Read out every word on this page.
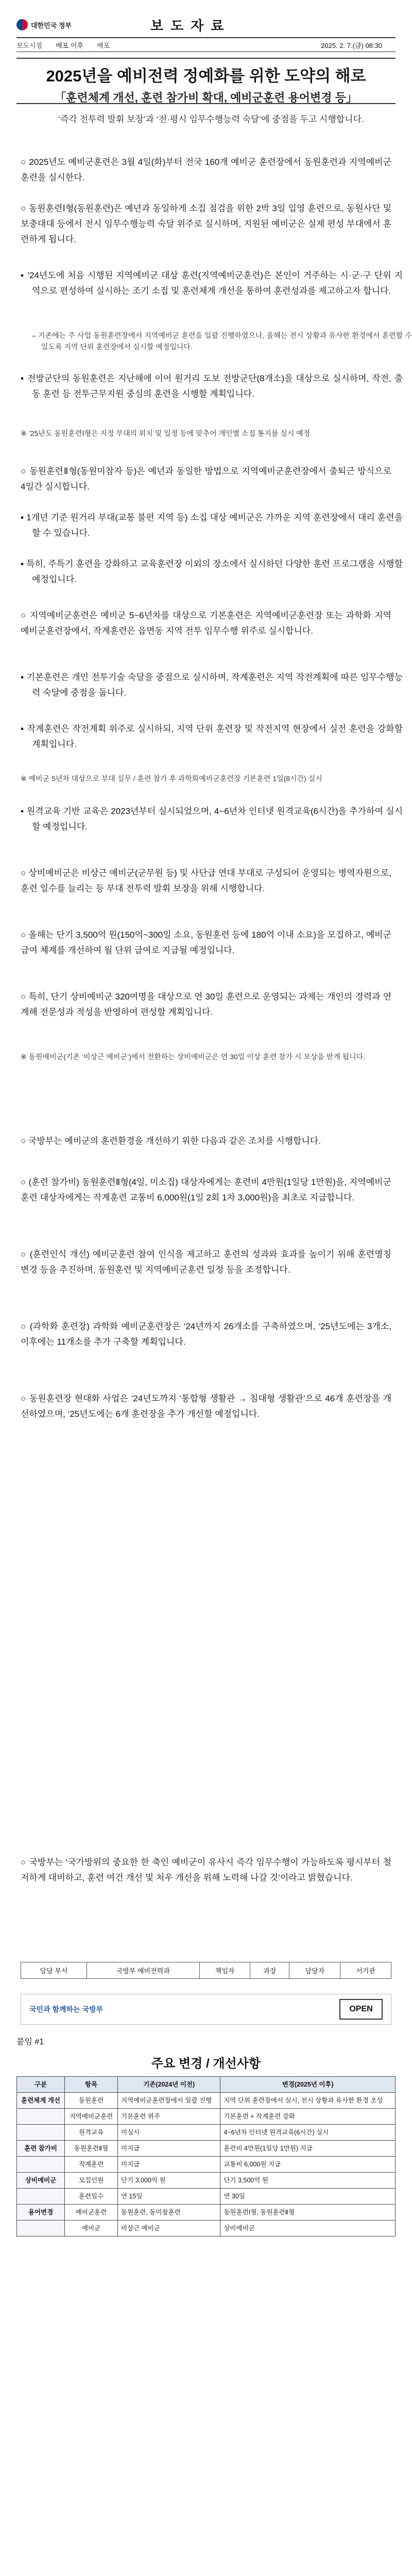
대한민국 정부	보도자료
보도시점 배포 이후 배포	2025. 2. 7.(금) 08:30
2025년을 예비전력 정예화를 위한 도약의 해로
「훈련체계 개선, 훈련 참가비 확대, 예비군훈련 용어변경 등」
‘즉각 전투력 발휘 보장’과 ‘전·평시 임무수행능력 숙달’에 중점을 두고 시행합니다.
○ 2025년도 예비군훈련은 3월 4일(화)부터 전국 160개 예비군 훈련장에서 동원훈련과 지역예비군훈련을 실시한다.
○ 동원훈련Ⅰ형(동원훈련)은 예년과 동일하게 소집 점검을 위한 2박 3일 입영 훈련으로, 동원사단 및 보충대대 등에서 전시 임무수행능력 숙달 위주로 실시하며, 지원된 예비군은 실제 편성 부대에서 훈련하게 됩니다.
▪ ’24년도에 처음 시행된 지역예비군 대상 훈련(지역예비군훈련)은 본인이 거주하는 시·군·구 단위 지역으로 편성하여 실시하는 조기 소집 및 훈련체계 개선을 통하여 훈련성과를 제고하고자 합니다.
– 기존에는 주 사업 동원훈련장에서 지역예비군 훈련을 일괄 진행하였으나, 올해는 전시 상황과 유사한 환경에서 훈련할 수 있도록 지역 단위 훈련장에서 실시할 예정입니다.
▪ 전방군단의 동원훈련은 지난해에 이어 원거리 도보 전방군단(8개소)을 대상으로 실시하며, 작전, 출동 훈련 등 전투근무지원 중심의 훈련을 시행할 계획입니다.
※ ’25년도 동원훈련Ⅰ형은 지정 부대의 위치 및 일정 등에 맞추어 개인별 소집 통지를 실시 예정
○ 동원훈련Ⅱ형(동원미참자 등)은 예년과 동일한 방법으로 지역예비군훈련장에서 출퇴근 방식으로 4일간 실시합니다.
▪ 1개년 기준 원거리 부대(교통 불편 지역 등) 소집 대상 예비군은 가까운 지역 훈련장에서 대리 훈련을 할 수 있습니다.
▪ 특히, 주특기 훈련을 강화하고 교육훈련장 이외의 장소에서 실시하던 다양한 훈련 프로그램을 시행할 예정입니다.
○ 지역예비군훈련은 예비군 5~6년차를 대상으로 기본훈련은 지역예비군훈련장 또는 과학화 지역예비군훈련장에서, 작계훈련은 읍면동 지역 전투 임무수행 위주로 실시합니다.
▪ 기본훈련은 개인 전투기술 숙달을 중점으로 실시하며, 작계훈련은 지역 작전계획에 따른 임무수행능력 숙달에 중점을 둡니다.
▪ 작계훈련은 작전계획 위주로 실시하되, 지역 단위 훈련장 및 작전지역 현장에서 실전 훈련을 강화할 계획입니다.
※ 예비군 5년차 대상으로 부대 실무 / 훈련 참가 후 과학화예비군훈련장 기본훈련 1일(8시간) 실시
▪ 원격교육 기반 교육은 2023년부터 실시되었으며, 4~6년차 인터넷 원격교육(6시간)을 추가하여 실시할 예정입니다.
○ 상비예비군은 비상근 예비군(군무원 등) 및 사단급 연대 부대로 구성되어 운영되는 병역자원으로, 훈련 일수를 늘리는 등 부대 전투력 발휘 보장을 위해 시행합니다.
○ 올해는 단기 3,500억 원(150억~300일 소요, 동원훈련 등에 180억 이내 소요)을 모집하고, 예비군 급여 체계를 개선하여 월 단위 급여로 지급될 예정입니다.
○ 특히, 단기 상비예비군 320여명을 대상으로 연 30일 훈련으로 운영되는 과제는 개인의 경력과 연계해 전문성과 적성을 반영하여 편성할 계획입니다.
※ 동원예비군(기존 ‘비상근 예비군’)에서 전환하는 상비예비군은 연 30일 이상 훈련 참가 시 보상을 받게 됩니다.
○ 국방부는 예비군의 훈련환경을 개선하기 위한 다음과 같은 조치를 시행합니다.
○ (훈련 참가비) 동원훈련Ⅱ형(4일, 미소집) 대상자에게는 훈련비 4만원(1일당 1만원)을, 지역예비군훈련 대상자에게는 작계훈련 교통비 6,000원(1일 2회 1차 3,000원)을 최초로 지급합니다.
○ (훈련인식 개선) 예비군훈련 참여 인식을 제고하고 훈련의 성과와 효과를 높이기 위해 훈련명칭 변경 등을 추진하며, 동원훈련 및 지역예비군훈련 일정 등을 조정합니다.
○ (과학화 훈련장) 과학화 예비군훈련장은 ‘24년까지 26개소를 구축하였으며, ‘25년도에는 3개소, 이후에는 11개소를 추가 구축할 계획입니다.
○ 동원훈련장 현대화 사업은 ‘24년도까지 ‘통합형 생활관 → 침대형 생활관’으로 46개 훈련장을 개선하였으며, ‘25년도에는 6개 훈련장을 추가 개선할 예정입니다.
○ 국방부는 ‘국가방위의 중요한 한 축인 예비군이 유사시 즉각 임무수행이 가능하도록 평시부터 철저하게 대비하고, 훈련 여건 개선 및 처우 개선을 위해 노력해 나갈 것’이라고 밝혔습니다.
담당 부서	국방부 예비전력과	책임자	과장	담당자	서기관
국민과 함께하는 국방부	OPEN
붙임 #1
주요 변경 / 개선사항
구분	항목	기존(2024년 이전)	변경(2025년 이후)
훈련체계 개선	동원훈련	지역예비군훈련장에서 일괄 진행	지역 단위 훈련장에서 실시, 전시 상황과 유사한 환경 조성
	지역예비군훈련	기본훈련 위주	기본훈련 + 작계훈련 강화
	원격교육	미실시	4~6년차 인터넷 원격교육(6시간) 실시
훈련 참가비	동원훈련Ⅱ형	미지급	훈련비 4만원(1일당 1만원) 지급
	작계훈련	미지급	교통비 6,000원 지급
상비예비군	모집인원	단기 3,000억 원	단기 3,500억 원
	훈련일수	연 15일	연 30일
용어변경	예비군훈련	동원훈련, 동미참훈련	동원훈련Ⅰ형, 동원훈련Ⅱ형
	예비군	비상근 예비군	상비예비군
